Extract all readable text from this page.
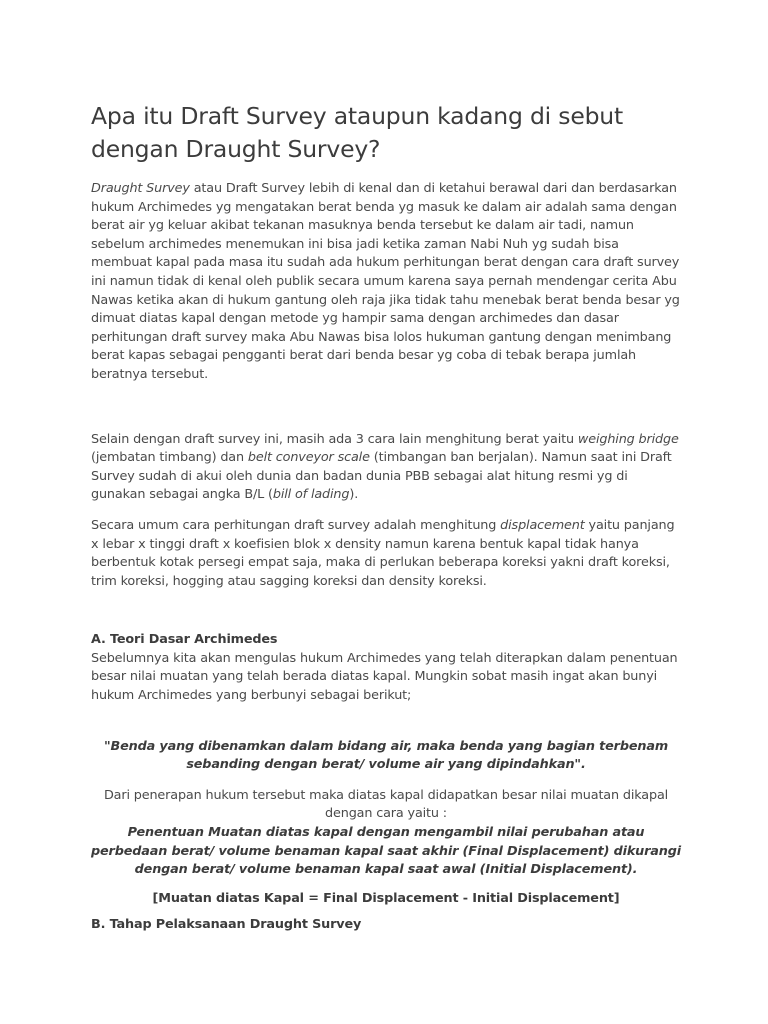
Apa itu Draft Survey ataupun kadang di sebut dengan Draught Survey?

Draught Survey atau Draft Survey lebih di kenal dan di ketahui berawal dari dan berdasarkan hukum Archimedes yg mengatakan berat benda yg masuk ke dalam air adalah sama dengan berat air yg keluar akibat tekanan masuknya benda tersebut ke dalam air tadi, namun sebelum archimedes menemukan ini bisa jadi ketika zaman Nabi Nuh yg sudah bisa membuat kapal pada masa itu sudah ada hukum perhitungan berat dengan cara draft survey ini namun tidak di kenal oleh publik secara umum karena saya pernah mendengar cerita Abu Nawas ketika akan di hukum gantung oleh raja jika tidak tahu menebak berat benda besar yg dimuat diatas kapal dengan metode yg hampir sama dengan archimedes dan dasar perhitungan draft survey maka Abu Nawas bisa lolos hukuman gantung dengan menimbang berat kapas sebagai pengganti berat dari benda besar yg coba di tebak berapa jumlah beratnya tersebut.

Selain dengan draft survey ini, masih ada 3 cara lain menghitung berat yaitu weighing bridge (jembatan timbang) dan belt conveyor scale (timbangan ban berjalan). Namun saat ini Draft Survey sudah di akui oleh dunia dan badan dunia PBB sebagai alat hitung resmi yg di gunakan sebagai angka B/L (bill of lading).

Secara umum cara perhitungan draft survey adalah menghitung displacement yaitu panjang x lebar x tinggi draft x koefisien blok x density namun karena bentuk kapal tidak hanya berbentuk kotak persegi empat saja, maka di perlukan beberapa koreksi yakni draft koreksi, trim koreksi, hogging atau sagging koreksi dan density koreksi.

A. Teori Dasar Archimedes
Sebelumnya kita akan mengulas hukum Archimedes yang telah diterapkan dalam penentuan besar nilai muatan yang telah berada diatas kapal. Mungkin sobat masih ingat akan bunyi hukum Archimedes yang berbunyi sebagai berikut;

"Benda yang dibenamkan dalam bidang air, maka benda yang bagian terbenam sebanding dengan berat/ volume air yang dipindahkan".

Dari penerapan hukum tersebut maka diatas kapal didapatkan besar nilai muatan dikapal dengan cara yaitu :
Penentuan Muatan diatas kapal dengan mengambil nilai perubahan atau perbedaan berat/ volume benaman kapal saat akhir (Final Displacement) dikurangi dengan berat/ volume benaman kapal saat awal (Initial Displacement).

[Muatan diatas Kapal = Final Displacement - Initial Displacement]

B. Tahap Pelaksanaan Draught Survey
